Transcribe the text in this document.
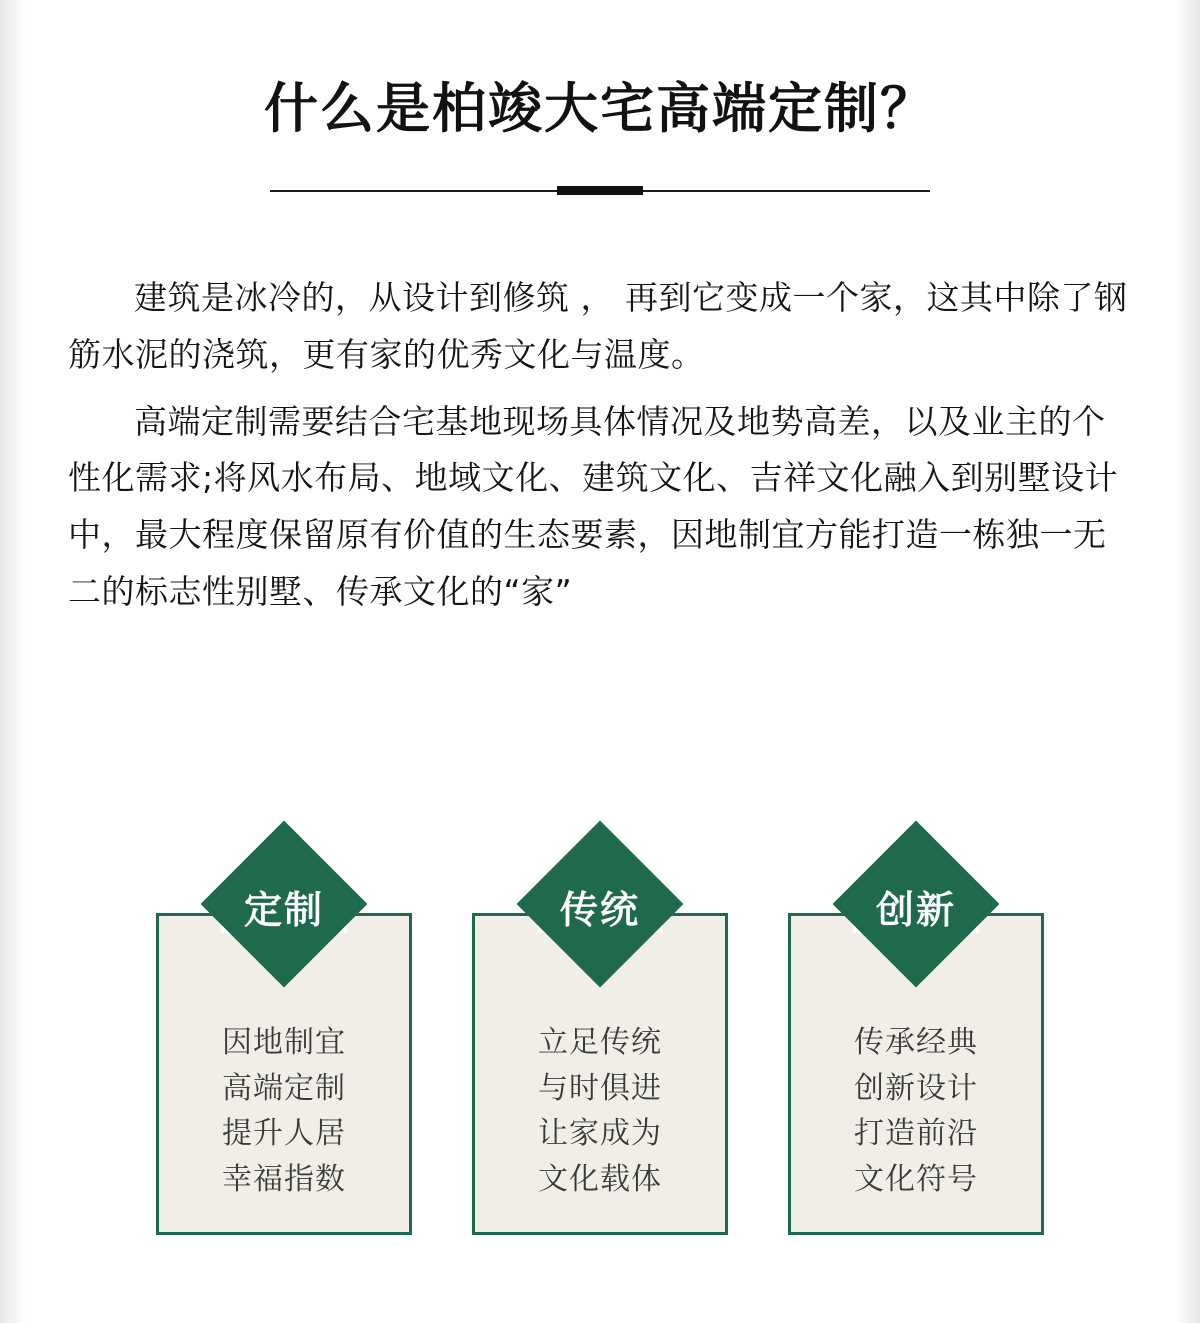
什么是柏竣大宅高端定制？

建筑是冰冷的，从设计到修筑 ， 再到它变成一个家，这其中除了钢筋水泥的浇筑，更有家的优秀文化与温度。

高端定制需要结合宅基地现场具体情况及地势高差，以及业主的个性化需求;将风水布局、地域文化、建筑文化、吉祥文化融入到别墅设计中，最大程度保留原有价值的生态要素，因地制宜方能打造一栋独一无二的标志性别墅、传承文化的“家”

定制
因地制宜
高端定制
提升人居
幸福指数
传统
立足传统
与时俱进
让家成为
文化载体
创新
传承经典
创新设计
打造前沿
文化符号
